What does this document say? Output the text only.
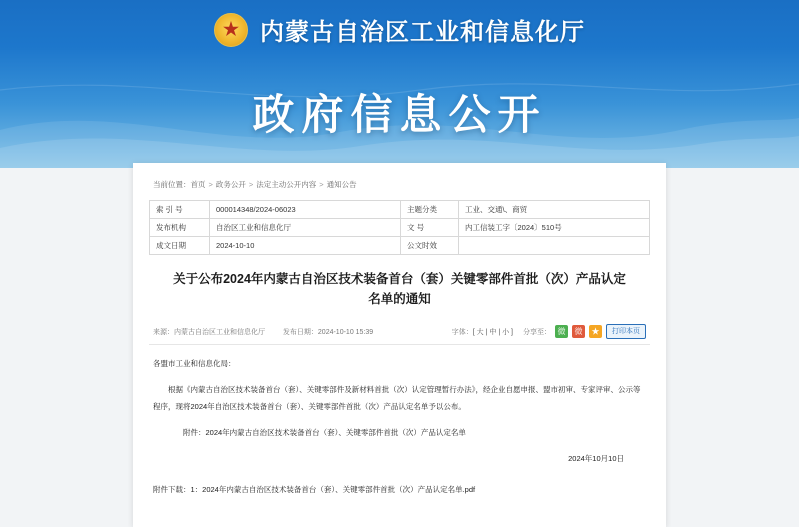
★
内蒙古自治区工业和信息化厅
政府信息公开
当前位置：首页 > 政务公开 > 法定主动公开内容 > 通知公告
索 引 号	000014348/2024-06023	主题分类	工业、交通\、商贸
发布机构	自治区工业和信息化厅	文 号	内工信装工字〔2024〕510号
成文日期	2024-10-10	公文时效	
关于公布2024年内蒙古自治区技术装备首台（套）关键零部件首批（次）产品认定名单的通知
来源：内蒙古自治区工业和信息化厅	发布日期：2024-10-10 15:39	字体：[ 大 | 中 | 小 ] 分享至： 微	微	★	打印本页

各盟市工业和信息化局：

根据《内蒙古自治区技术装备首台（套）、关键零部件及新材料首批（次）认定管理暂行办法》，经企业自愿申报、盟市初审、专家评审、公示等程序，现将2024年自治区技术装备首台（套）、关键零部件首批（次）产品认定名单予以公布。

附件：2024年内蒙古自治区技术装备首台（套）、关键零部件首批（次）产品认定名单

2024年10月10日

附件下载：1：2024年内蒙古自治区技术装备首台（套）、关键零部件首批（次）产品认定名单.pdf
